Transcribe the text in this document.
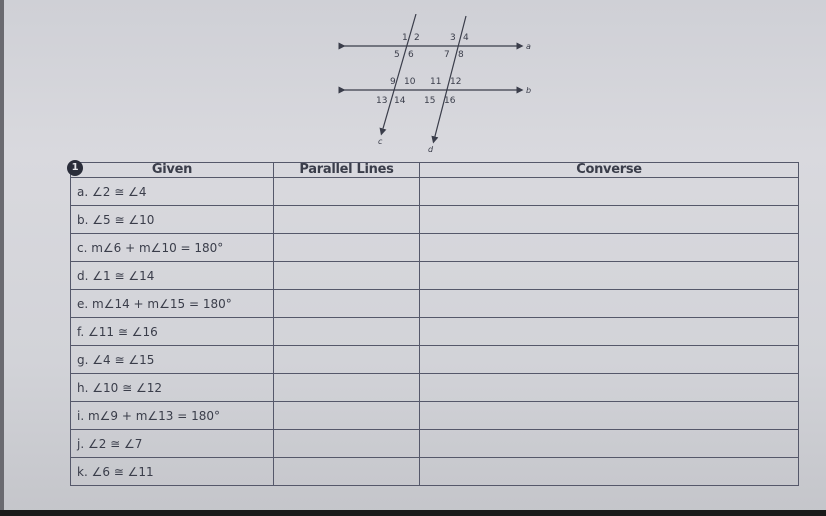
a
b
c
d
1 2	3 4
5 6	7 8
9 10 11 12
13 14 15 16
1 Given	Parallel Lines	Converse
a. ∠2 ≅ ∠4		
b. ∠5 ≅ ∠10		
c. m∠6 + m∠10 = 180°		
d. ∠1 ≅ ∠14		
e. m∠14 + m∠15 = 180°		
f. ∠11 ≅ ∠16		
g. ∠4 ≅ ∠15		
h. ∠10 ≅ ∠12		
i. m∠9 + m∠13 = 180°		
j. ∠2 ≅ ∠7		
k. ∠6 ≅ ∠11		
